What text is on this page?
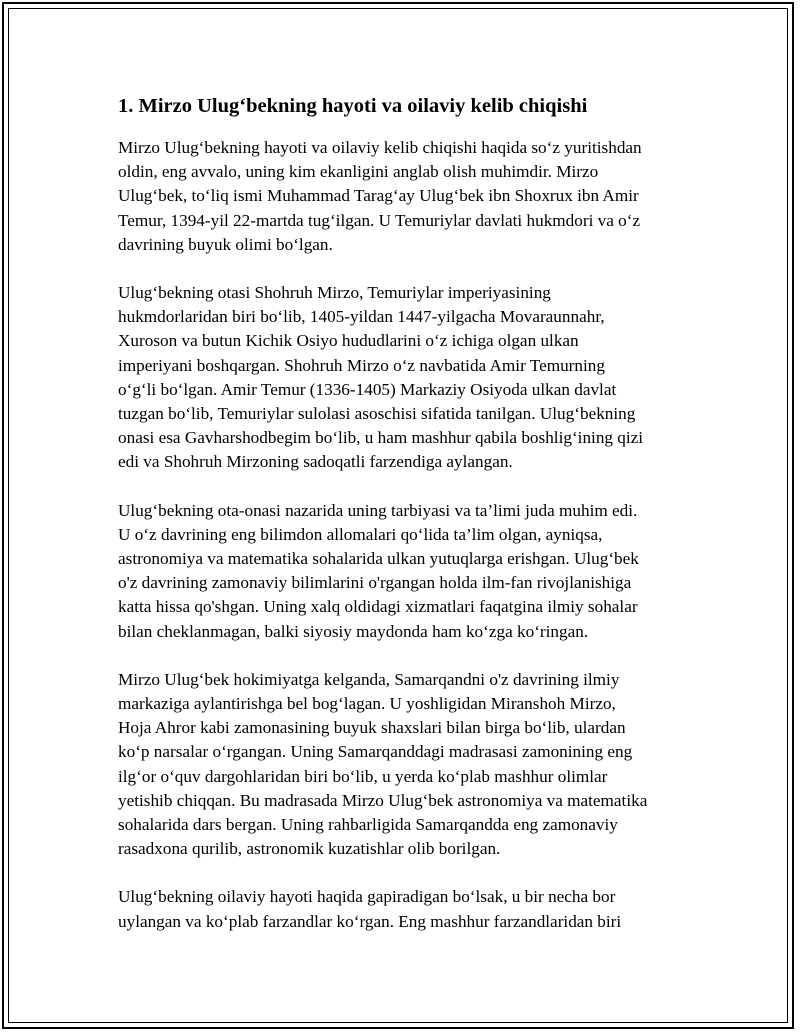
1. Mirzo Ulug‘bekning hayoti va oilaviy kelib chiqishi
Mirzo Ulug‘bekning hayoti va oilaviy kelib chiqishi haqida so‘z yuritishdan
oldin, eng avvalo, uning kim ekanligini anglab olish muhimdir. Mirzo
Ulug‘bek, to‘liq ismi Muhammad Tarag‘ay Ulug‘bek ibn Shoxrux ibn Amir
Temur, 1394-yil 22-martda tug‘ilgan. U Temuriylar davlati hukmdori va o‘z
davrining buyuk olimi bo‘lgan.
Ulug‘bekning otasi Shohruh Mirzo, Temuriylar imperiyasining
hukmdorlaridan biri bo‘lib, 1405-yildan 1447-yilgacha Movaraunnahr,
Xuroson va butun Kichik Osiyo hududlarini o‘z ichiga olgan ulkan
imperiyani boshqargan. Shohruh Mirzo o‘z navbatida Amir Temurning
o‘g‘li bo‘lgan. Amir Temur (1336-1405) Markaziy Osiyoda ulkan davlat
tuzgan bo‘lib, Temuriylar sulolasi asoschisi sifatida tanilgan. Ulug‘bekning
onasi esa Gavharshodbegim bo‘lib, u ham mashhur qabila boshlig‘ining qizi
edi va Shohruh Mirzoning sadoqatli farzendiga aylangan.
Ulug‘bekning ota-onasi nazarida uning tarbiyasi va ta’limi juda muhim edi.
U o‘z davrining eng bilimdon allomalari qo‘lida ta’lim olgan, ayniqsa,
astronomiya va matematika sohalarida ulkan yutuqlarga erishgan. Ulug‘bek
o'z davrining zamonaviy bilimlarini o'rgangan holda ilm-fan rivojlanishiga
katta hissa qo'shgan. Uning xalq oldidagi xizmatlari faqatgina ilmiy sohalar
bilan cheklanmagan, balki siyosiy maydonda ham ko‘zga ko‘ringan.
Mirzo Ulug‘bek hokimiyatga kelganda, Samarqandni o'z davrining ilmiy
markaziga aylantirishga bel bog‘lagan. U yoshligidan Miranshoh Mirzo,
Hoja Ahror kabi zamonasining buyuk shaxslari bilan birga bo‘lib, ulardan
ko‘p narsalar o‘rgangan. Uning Samarqanddagi madrasasi zamonining eng
ilg‘or o‘quv dargohlaridan biri bo‘lib, u yerda ko‘plab mashhur olimlar
yetishib chiqqan. Bu madrasada Mirzo Ulug‘bek astronomiya va matematika
sohalarida dars bergan. Uning rahbarligida Samarqandda eng zamonaviy
rasadxona qurilib, astronomik kuzatishlar olib borilgan.
Ulug‘bekning oilaviy hayoti haqida gapiradigan bo‘lsak, u bir necha bor
uylangan va ko‘plab farzandlar ko‘rgan. Eng mashhur farzandlaridan biri
